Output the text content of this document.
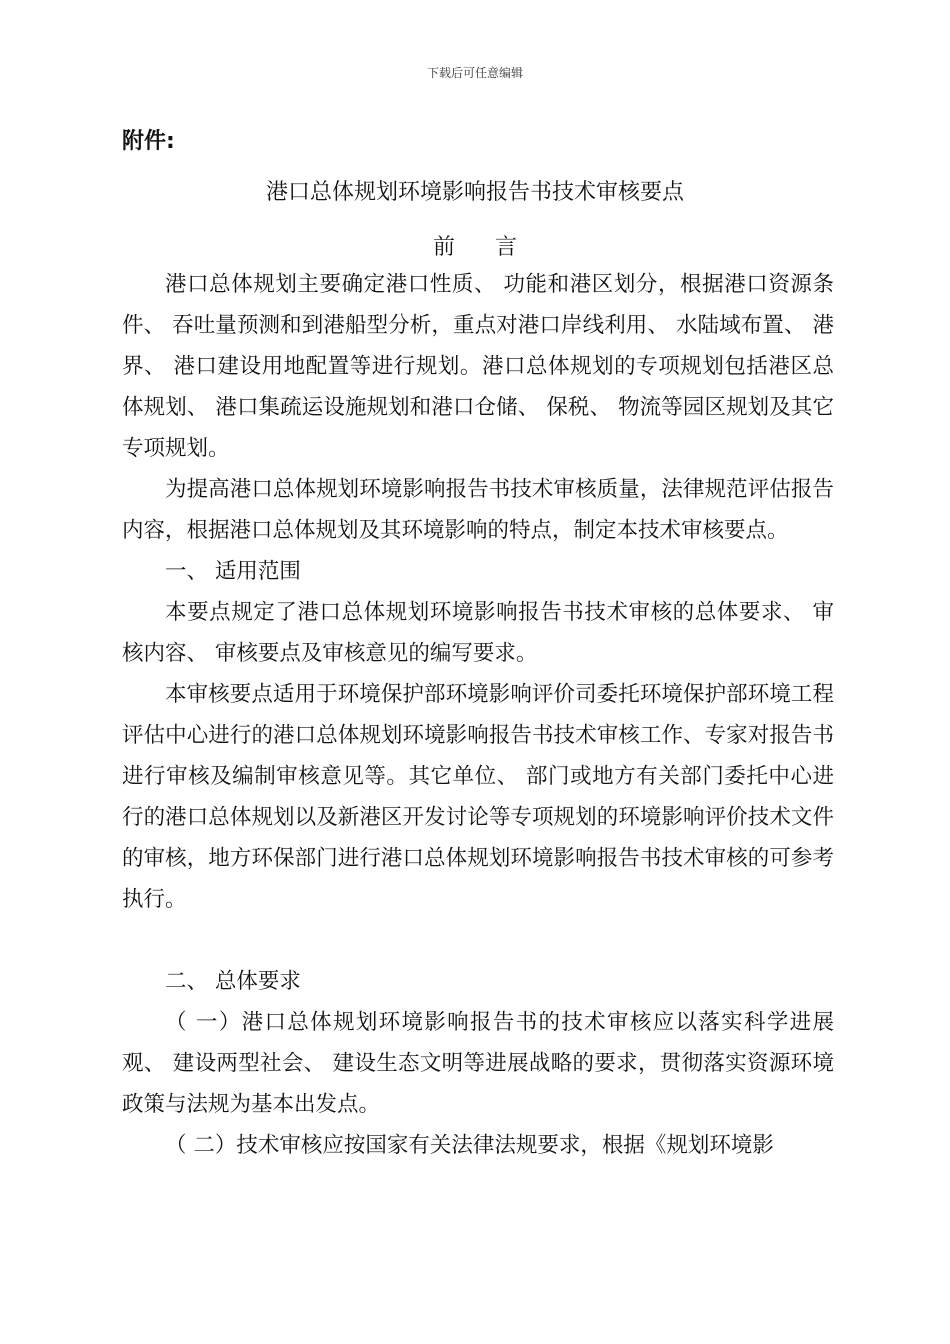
下载后可任意编辑
附件:
港口总体规划环境影响报告书技术审核要点
前言

港口总体规划主要确定港口性质、 功能和港区划分，根据港口资源条件、 吞吐量预测和到港船型分析，重点对港口岸线利用、 水陆域布置、 港界、 港口建设用地配置等进行规划。港口总体规划的专项规划包括港区总体规划、 港口集疏运设施规划和港口仓储、 保税、 物流等园区规划及其它专项规划。

为提高港口总体规划环境影响报告书技术审核质量，法律规范评估报告内容，根据港口总体规划及其环境影响的特点，制定本技术审核要点。

一、 适用范围

本要点规定了港口总体规划环境影响报告书技术审核的总体要求、 审核内容、 审核要点及审核意见的编写要求。

本审核要点适用于环境保护部环境影响评价司委托环境保护部环境工程评估中心进行的港口总体规划环境影响报告书技术审核工作、专家对报告书进行审核及编制审核意见等。其它单位、 部门或地方有关部门委托中心进行的港口总体规划以及新港区开发讨论等专项规划的环境影响评价技术文件的审核，地方环保部门进行港口总体规划环境影响报告书技术审核的可参考执行。

二、 总体要求

（ 一）港口总体规划环境影响报告书的技术审核应以落实科学进展观、 建设两型社会、 建设生态文明等进展战略的要求，贯彻落实资源环境政策与法规为基本出发点。

（ 二）技术审核应按国家有关法律法规要求，根据《规划环境影
